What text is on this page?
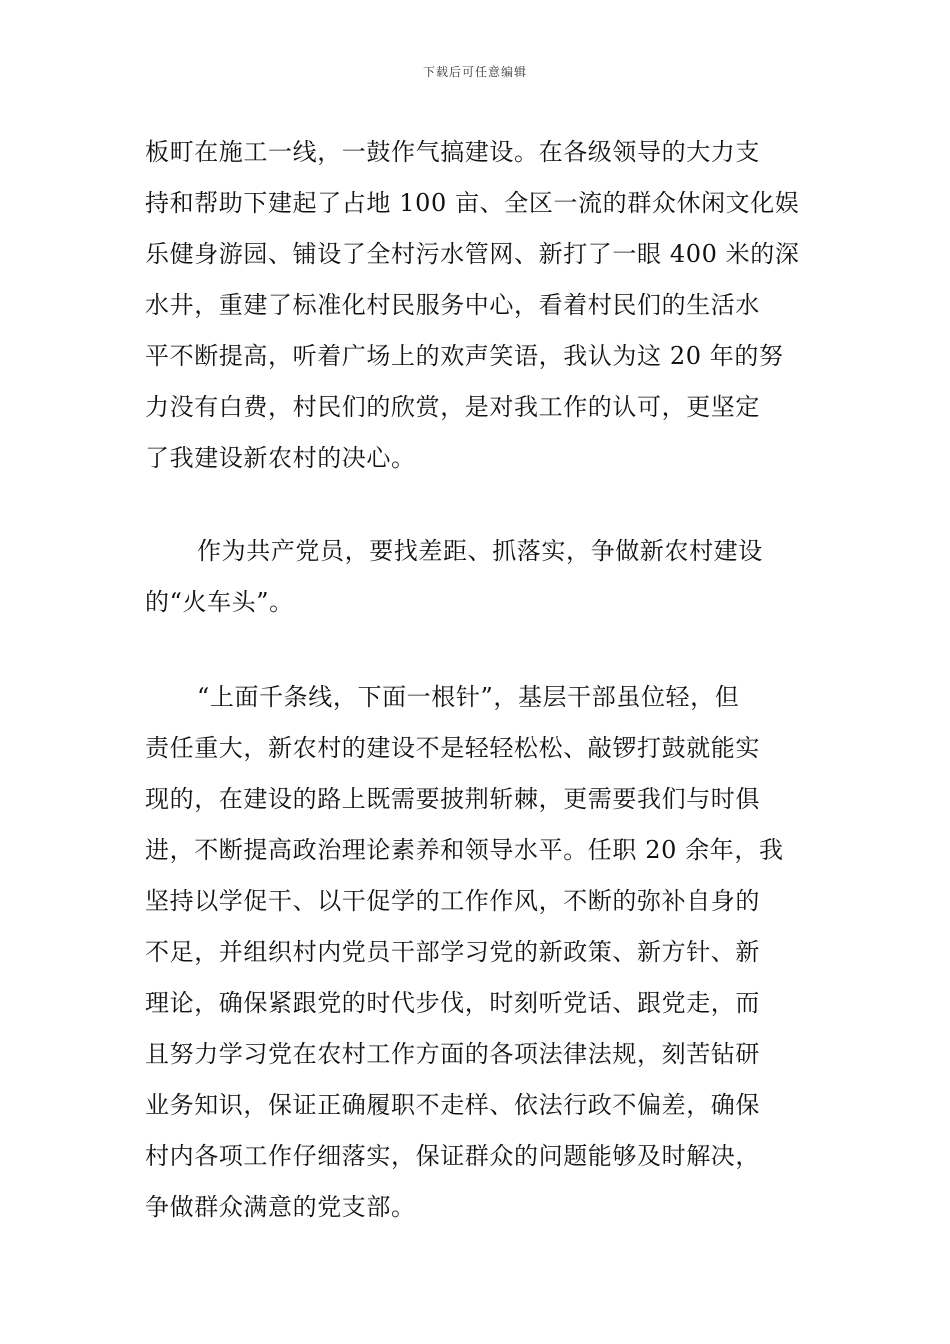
下载后可任意编辑
板町在施工一线，一鼓作气搞建设。在各级领导的大力支
持和帮助下建起了占地 100 亩、全区一流的群众休闲文化娱
乐健身游园、铺设了全村污水管网、新打了一眼 400 米的深
水井，重建了标准化村民服务中心，看着村民们的生活水
平不断提高，听着广场上的欢声笑语，我认为这 20 年的努
力没有白费，村民们的欣赏，是对我工作的认可，更坚定
了我建设新农村的决心。
作为共产党员，要找差距、抓落实，争做新农村建设
的“火车头”。
“上面千条线，下面一根针”，基层干部虽位轻，但
责任重大，新农村的建设不是轻轻松松、敲锣打鼓就能实
现的，在建设的路上既需要披荆斩棘，更需要我们与时俱
进，不断提高政治理论素养和领导水平。任职 20 余年，我
坚持以学促干、以干促学的工作作风，不断的弥补自身的
不足，并组织村内党员干部学习党的新政策、新方针、新
理论，确保紧跟党的时代步伐，时刻听党话、跟党走，而
且努力学习党在农村工作方面的各项法律法规，刻苦钻研
业务知识，保证正确履职不走样、依法行政不偏差，确保
村内各项工作仔细落实，保证群众的问题能够及时解决，
争做群众满意的党支部。
